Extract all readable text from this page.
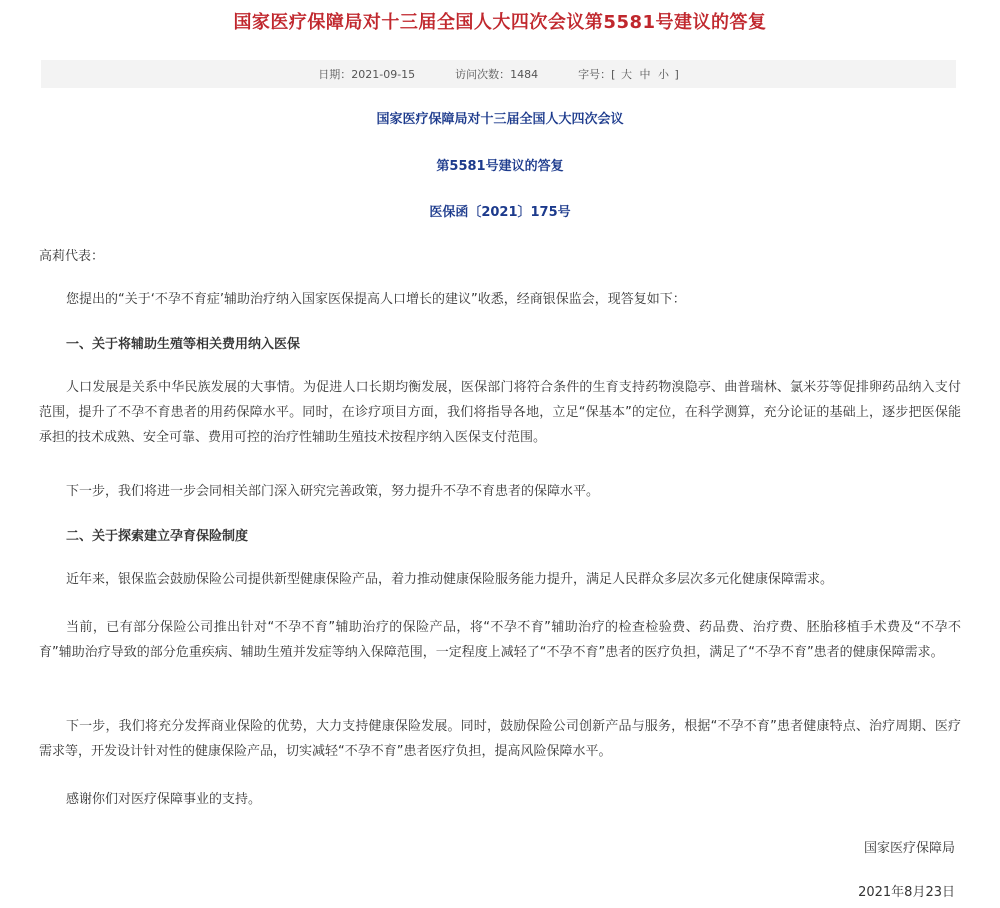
国家医疗保障局对十三届全国人大四次会议第5581号建议的答复
日期：2021-09-15	访问次数：1484	字号：[ 大 中 小 ]
国家医疗保障局对十三届全国人大四次会议
第5581号建议的答复
医保函〔2021〕175号
高莉代表：
您提出的“关于‘不孕不育症’辅助治疗纳入国家医保提高人口增长的建议”收悉，经商银保监会，现答复如下：
一、关于将辅助生殖等相关费用纳入医保
人口发展是关系中华民族发展的大事情。为促进人口长期均衡发展，医保部门将符合条件的生育支持药物溴隐亭、曲普瑞林、氯米芬等促排卵药品纳入支付范围，提升了不孕不育患者的用药保障水平。同时，在诊疗项目方面，我们将指导各地，立足“保基本”的定位，在科学测算，充分论证的基础上，逐步把医保能承担的技术成熟、安全可靠、费用可控的治疗性辅助生殖技术按程序纳入医保支付范围。
下一步，我们将进一步会同相关部门深入研究完善政策，努力提升不孕不育患者的保障水平。
二、关于探索建立孕育保险制度
近年来，银保监会鼓励保险公司提供新型健康保险产品，着力推动健康保险服务能力提升，满足人民群众多层次多元化健康保障需求。
当前，已有部分保险公司推出针对“不孕不育”辅助治疗的保险产品，将“不孕不育”辅助治疗的检查检验费、药品费、治疗费、胚胎移植手术费及“不孕不育”辅助治疗导致的部分危重疾病、辅助生殖并发症等纳入保障范围，一定程度上减轻了“不孕不育”患者的医疗负担，满足了“不孕不育”患者的健康保障需求。
下一步，我们将充分发挥商业保险的优势，大力支持健康保险发展。同时，鼓励保险公司创新产品与服务，根据“不孕不育”患者健康特点、治疗周期、医疗需求等，开发设计针对性的健康保险产品，切实减轻“不孕不育”患者医疗负担，提高风险保障水平。
感谢你们对医疗保障事业的支持。
国家医疗保障局
2021年8月23日
